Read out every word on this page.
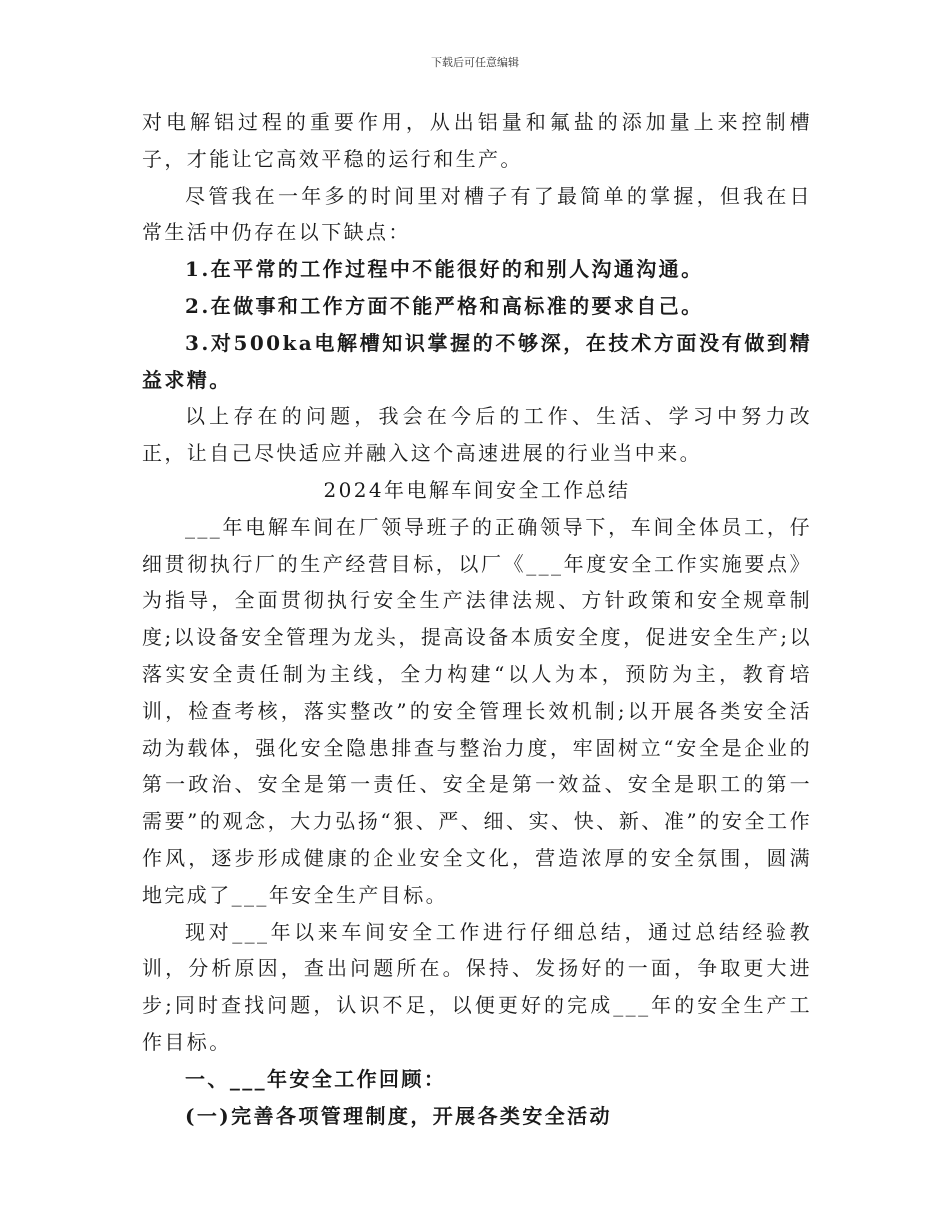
下载后可任意编辑

对电解铝过程的重要作用，从出铝量和氟盐的添加量上来控制槽子，才能让它高效平稳的运行和生产。

尽管我在一年多的时间里对槽子有了最简单的掌握，但我在日常生活中仍存在以下缺点：

1.在平常的工作过程中不能很好的和别人沟通沟通。

2.在做事和工作方面不能严格和高标准的要求自己。

3.对500ka电解槽知识掌握的不够深，在技术方面没有做到精益求精。

以上存在的问题，我会在今后的工作、生活、学习中努力改正，让自己尽快适应并融入这个高速进展的行业当中来。

2024年电解车间安全工作总结

___年电解车间在厂领导班子的正确领导下，车间全体员工，仔细贯彻执行厂的生产经营目标，以厂《___年度安全工作实施要点》为指导，全面贯彻执行安全生产法律法规、方针政策和安全规章制度;以设备安全管理为龙头，提高设备本质安全度，促进安全生产;以落实安全责任制为主线，全力构建“以人为本，预防为主，教育培训，检查考核，落实整改”的安全管理长效机制;以开展各类安全活动为载体，强化安全隐患排查与整治力度，牢固树立“安全是企业的第一政治、安全是第一责任、安全是第一效益、安全是职工的第一需要”的观念，大力弘扬“狠、严、细、实、快、新、准”的安全工作作风，逐步形成健康的企业安全文化，营造浓厚的安全氛围，圆满地完成了___年安全生产目标。

现对___年以来车间安全工作进行仔细总结，通过总结经验教训，分析原因，查出问题所在。保持、发扬好的一面，争取更大进步;同时查找问题，认识不足，以便更好的完成___年的安全生产工作目标。

一、___年安全工作回顾：

(一)完善各项管理制度，开展各类安全活动
